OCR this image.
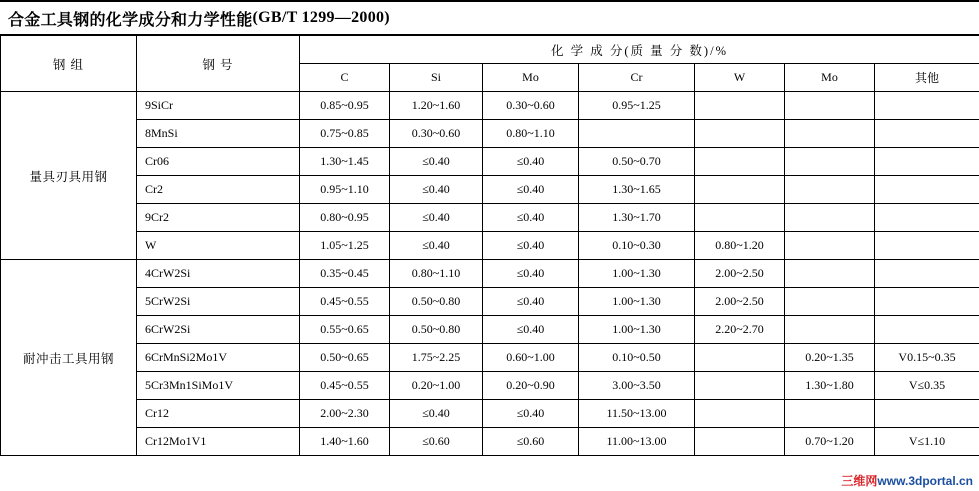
合金工具钢的化学成分和力学性能 (GB/T 1299—2000)
钢 组	钢 号	化 学 成 分(质 量 分 数)/%						
		C	Si	Mo	Cr	W	Mo	其他
量具刃具用钢	9SiCr	0.85~0.95	1.20~1.60	0.30~0.60	0.95~1.25			
	8MnSi	0.75~0.85	0.30~0.60	0.80~1.10				
	Cr06	1.30~1.45	≤0.40	≤0.40	0.50~0.70			
	Cr2	0.95~1.10	≤0.40	≤0.40	1.30~1.65			
	9Cr2	0.80~0.95	≤0.40	≤0.40	1.30~1.70			
	W	1.05~1.25	≤0.40	≤0.40	0.10~0.30	0.80~1.20		
耐冲击工具用钢	4CrW2Si	0.35~0.45	0.80~1.10	≤0.40	1.00~1.30	2.00~2.50		
	5CrW2Si	0.45~0.55	0.50~0.80	≤0.40	1.00~1.30	2.00~2.50		
	6CrW2Si	0.55~0.65	0.50~0.80	≤0.40	1.00~1.30	2.20~2.70		
	6CrMnSi2Mo1V	0.50~0.65	1.75~2.25	0.60~1.00	0.10~0.50		0.20~1.35	V0.15~0.35
	5Cr3Mn1SiMo1V	0.45~0.55	0.20~1.00	0.20~0.90	3.00~3.50		1.30~1.80	V≤0.35
	Cr12	2.00~2.30	≤0.40	≤0.40	11.50~13.00			
	Cr12Mo1V1	1.40~1.60	≤0.60	≤0.60	11.00~13.00		0.70~1.20	V≤1.10
三维网www.3dportal.cn
